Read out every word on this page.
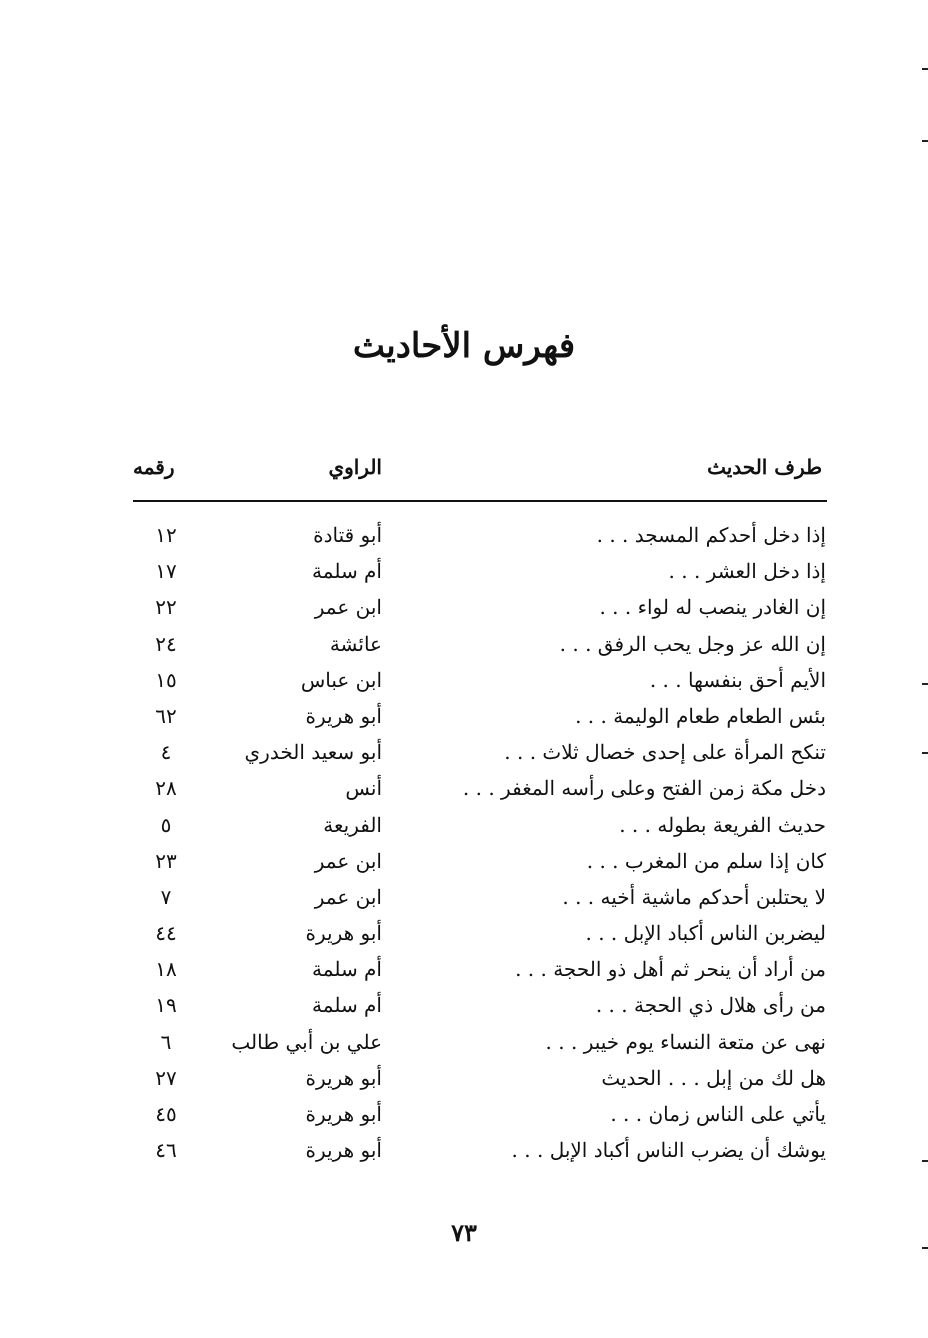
فهرس الأحاديث
طرف الحديث
الراوي
رقمه
إذا دخل أحدكم المسجد . . .
أبو قتادة
١٢
إذا دخل العشر . . .
أم سلمة
١٧
إن الغادر ينصب له لواء . . .
ابن عمر
٢٢
إن الله عز وجل يحب الرفق . . .
عائشة
٢٤
الأيم أحق بنفسها . . .
ابن عباس
١٥
بئس الطعام طعام الوليمة . . .
أبو هريرة
٦٢
تنكح المرأة على إحدى خصال ثلاث . . .
أبو سعيد الخدري
٤
دخل مكة زمن الفتح وعلى رأسه المغفر . . .
أنس
٢٨
حديث الفريعة بطوله . . .
الفريعة
٥
كان إذا سلم من المغرب . . .
ابن عمر
٢٣
لا يحتلبن أحدكم ماشية أخيه . . .
ابن عمر
٧
ليضربن الناس أكباد الإبل . . .
أبو هريرة
٤٤
من أراد أن ينحر ثم أهل ذو الحجة . . .
أم سلمة
١٨
من رأى هلال ذي الحجة . . .
أم سلمة
١٩
نهى عن متعة النساء يوم خيبر . . .
علي بن أبي طالب
٦
هل لك من إبل . . . الحديث
أبو هريرة
٢٧
يأتي على الناس زمان . . .
أبو هريرة
٤٥
يوشك أن يضرب الناس أكباد الإبل . . .
أبو هريرة
٤٦
٧٣
